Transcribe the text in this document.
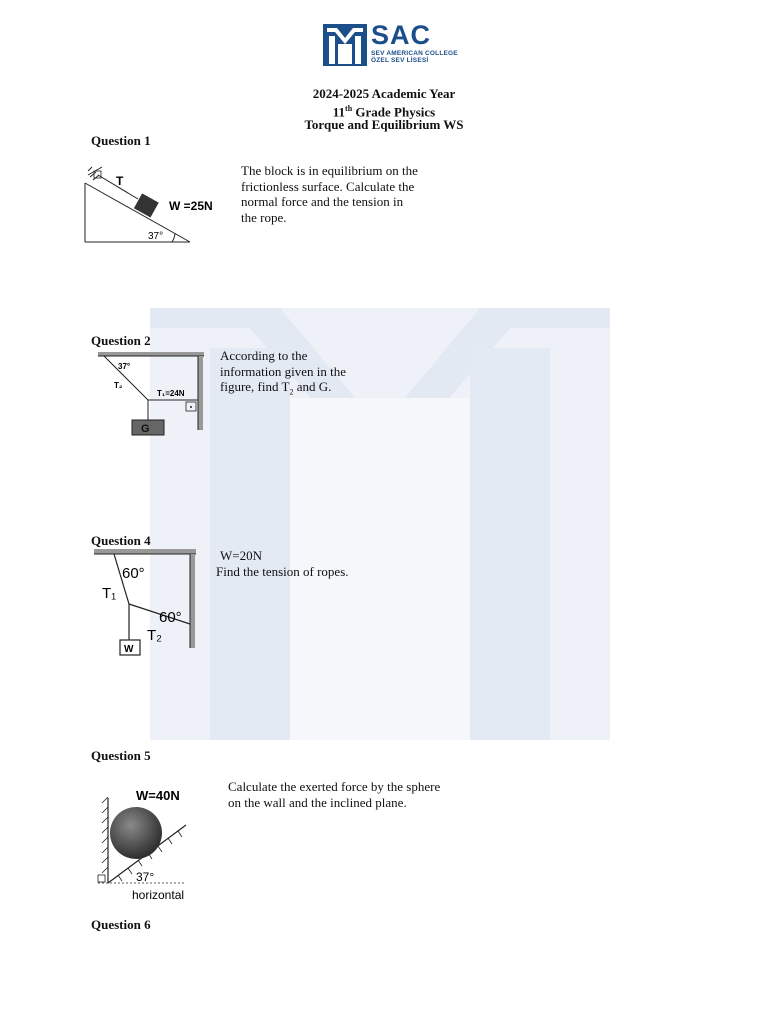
SAC
SEV AMERICAN COLLEGE
ÖZEL SEV LİSESİ
2024-2025 Academic Year
11th Grade Physics
Torque and Equilibrium WS
Question 1
T
W =25N
37°
The block is in equilibrium on the
frictionless surface. Calculate the
normal force and the tension in
the rope.
Question 2
G
37°
T₂
T₁=24N
According to the
information given in the
figure, find $T_2$ and G.
Question 4
W
60°
60°
T₁
T₂
W=20N
Find the tension of ropes.
Question 5
W=40N
37°
horizontal
Calculate the exerted force by the sphere
on the wall and the inclined plane.
Question 6
